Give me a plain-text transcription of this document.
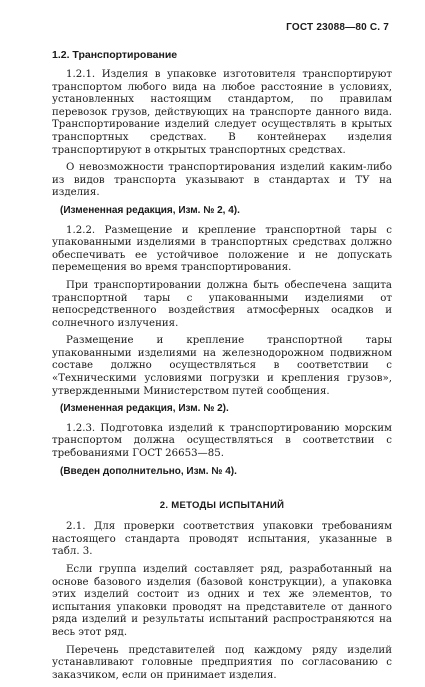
ГОСТ 23088—80 С. 7
1.2. Транспортирование

1.2.1. Изделия в упаковке изготовителя транспортируют транспортом любого вида на любое расстояние в условиях, установленных настоящим стандартом, по правилам перевозок грузов, действующих на транспорте данного вида. Транспортирование изделий следует осуществлять в крытых транспортных средствах. В контейнерах изделия транспортируют в открытых транспортных средствах.

О невозможности транспортирования изделий каким-либо из видов транспорта указывают в стандартах и ТУ на изделия.

(Измененная редакция, Изм. № 2, 4).

1.2.2. Размещение и крепление транспортной тары с упакованными изделиями в транспортных средствах должно обеспечивать ее устойчивое положение и не допускать перемещения во время транспортирования.

При транспортировании должна быть обеспечена защита транспортной тары с упакованными изделиями от непосредственного воздействия атмосферных осадков и солнечного излучения.

Размещение и крепление транспортной тары упакованными изделиями на железнодорожном подвижном составе должно осуществляться в соответствии с «Техническими условиями погрузки и крепления грузов», утвержденными Министерством путей сообщения.

(Измененная редакция, Изм. № 2).

1.2.3. Подготовка изделий к транспортированию морским транспортом должна осуществляться в соответствии с требованиями ГОСТ 26653—85.

(Введен дополнительно, Изм. № 4).

2. МЕТОДЫ ИСПЫТАНИЙ

2.1. Для проверки соответствия упаковки требованиям настоящего стандарта проводят испытания, указанные в табл. 3.

Если группа изделий составляет ряд, разработанный на основе базового изделия (базовой конструкции), а упаковка этих изделий состоит из одних и тех же элементов, то испытания упаковки проводят на представителе от данного ряда изделий и результаты испытаний распространяются на весь этот ряд.

Перечень представителей под каждому ряду изделий устанавливают головные предприятия по согласованию с заказчиком, если он принимает изделия.
